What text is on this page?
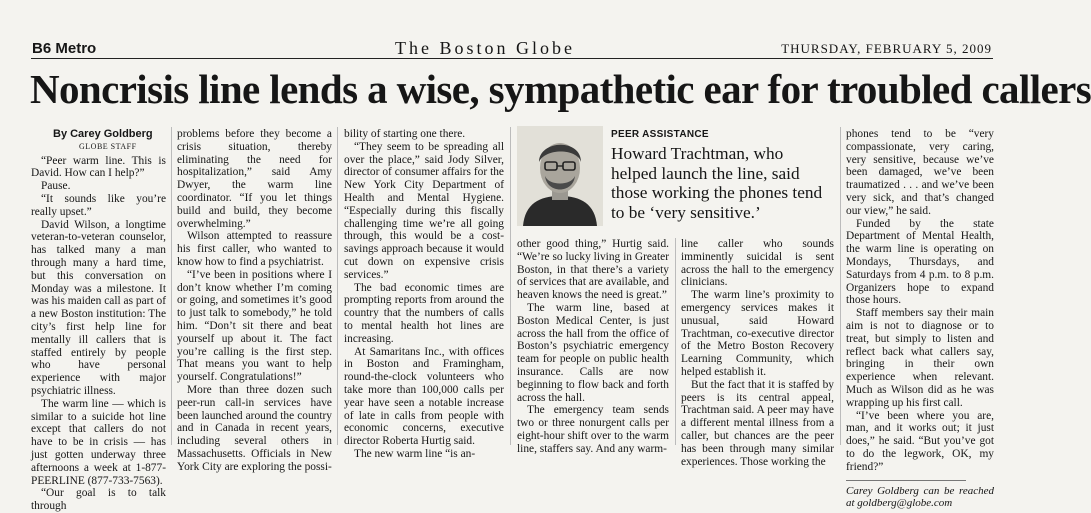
B6 Metro	The Boston Globe	THURSDAY, FEBRUARY 5, 2009
Noncrisis line lends a wise, sympathetic ear for troubled callers

By Carey Goldberg

GLOBE STAFF

“Peer warm line. This is David. How can I help?”

Pause.

“It sounds like you’re really upset.”

David Wilson, a longtime veteran-to-veteran counselor, has talked many a man through many a hard time, but this conversation on Monday was a milestone. It was his maiden call as part of a new Boston institution: The city’s first help line for mentally ill callers that is staffed entirely by people who have personal experience with major psychiatric illness.

The warm line — which is similar to a suicide hot line except that callers do not have to be in crisis — has just gotten underway three afternoons a week at 1-877-PEERLINE (877-733-7563).

“Our goal is to talk through

problems before they become a crisis situation, thereby eliminating the need for hospitalization,” said Amy Dwyer, the warm line coordinator. “If you let things build and build, they become overwhelming.”

Wilson attempted to reassure his first caller, who wanted to know how to find a psychiatrist.

“I’ve been in positions where I don’t know whether I’m coming or going, and sometimes it’s good to just talk to somebody,” he told him. “Don’t sit there and beat yourself up about it. The fact you’re calling is the first step. That means you want to help yourself. Congratulations!”

More than three dozen such peer-run call-in services have been launched around the country and in Canada in recent years, including several others in Massachusetts. Officials in New York City are exploring the possi-

bility of starting one there.

“They seem to be spreading all over the place,” said Jody Silver, director of consumer affairs for the New York City Department of Health and Mental Hygiene. “Especially during this fiscally challenging time we’re all going through, this would be a cost-savings approach because it would cut down on expensive crisis services.”

The bad economic times are prompting reports from around the country that the numbers of calls to mental health hot lines are increasing.

At Samaritans Inc., with offices in Boston and Framingham, round-the-clock volunteers who take more than 100,000 calls per year have seen a notable increase of late in calls from people with economic concerns, executive director Roberta Hurtig said.

The new warm line “is an-

PEER ASSISTANCE
Howard Trachtman, who helped launch the line, said those working the phones tend to be ‘very sensitive.’

other good thing,” Hurtig said. “We’re so lucky living in Greater Boston, in that there’s a variety of services that are available, and heaven knows the need is great.”

The warm line, based at Boston Medical Center, is just across the hall from the office of Boston’s psychiatric emergency team for people on public health insurance. Calls are now beginning to flow back and forth across the hall.

The emergency team sends two or three nonurgent calls per eight-hour shift over to the warm line, staffers say. And any warm-

line caller who sounds imminently suicidal is sent across the hall to the emergency clinicians.

The warm line’s proximity to emergency services makes it unusual, said Howard Trachtman, co-executive director of the Metro Boston Recovery Learning Community, which helped establish it.

But the fact that it is staffed by peers is its central appeal, Trachtman said. A peer may have a different mental illness from a caller, but chances are the peer has been through many similar experiences. Those working the

phones tend to be “very compassionate, very caring, very sensitive, because we’ve been damaged, we’ve been traumatized . . . and we’ve been very sick, and that’s changed our view,” he said.

Funded by the state Department of Mental Health, the warm line is operating on Mondays, Thursdays, and Saturdays from 4 p.m. to 8 p.m. Organizers hope to expand those hours.

Staff members say their main aim is not to diagnose or to treat, but simply to listen and reflect back what callers say, bringing in their own experience when relevant. Much as Wilson did as he was wrapping up his first call.

“I’ve been where you are, man, and it works out; it just does,” he said. “But you’ve got to do the legwork, OK, my friend?”

Carey Goldberg can be reached at goldberg@globe.com
